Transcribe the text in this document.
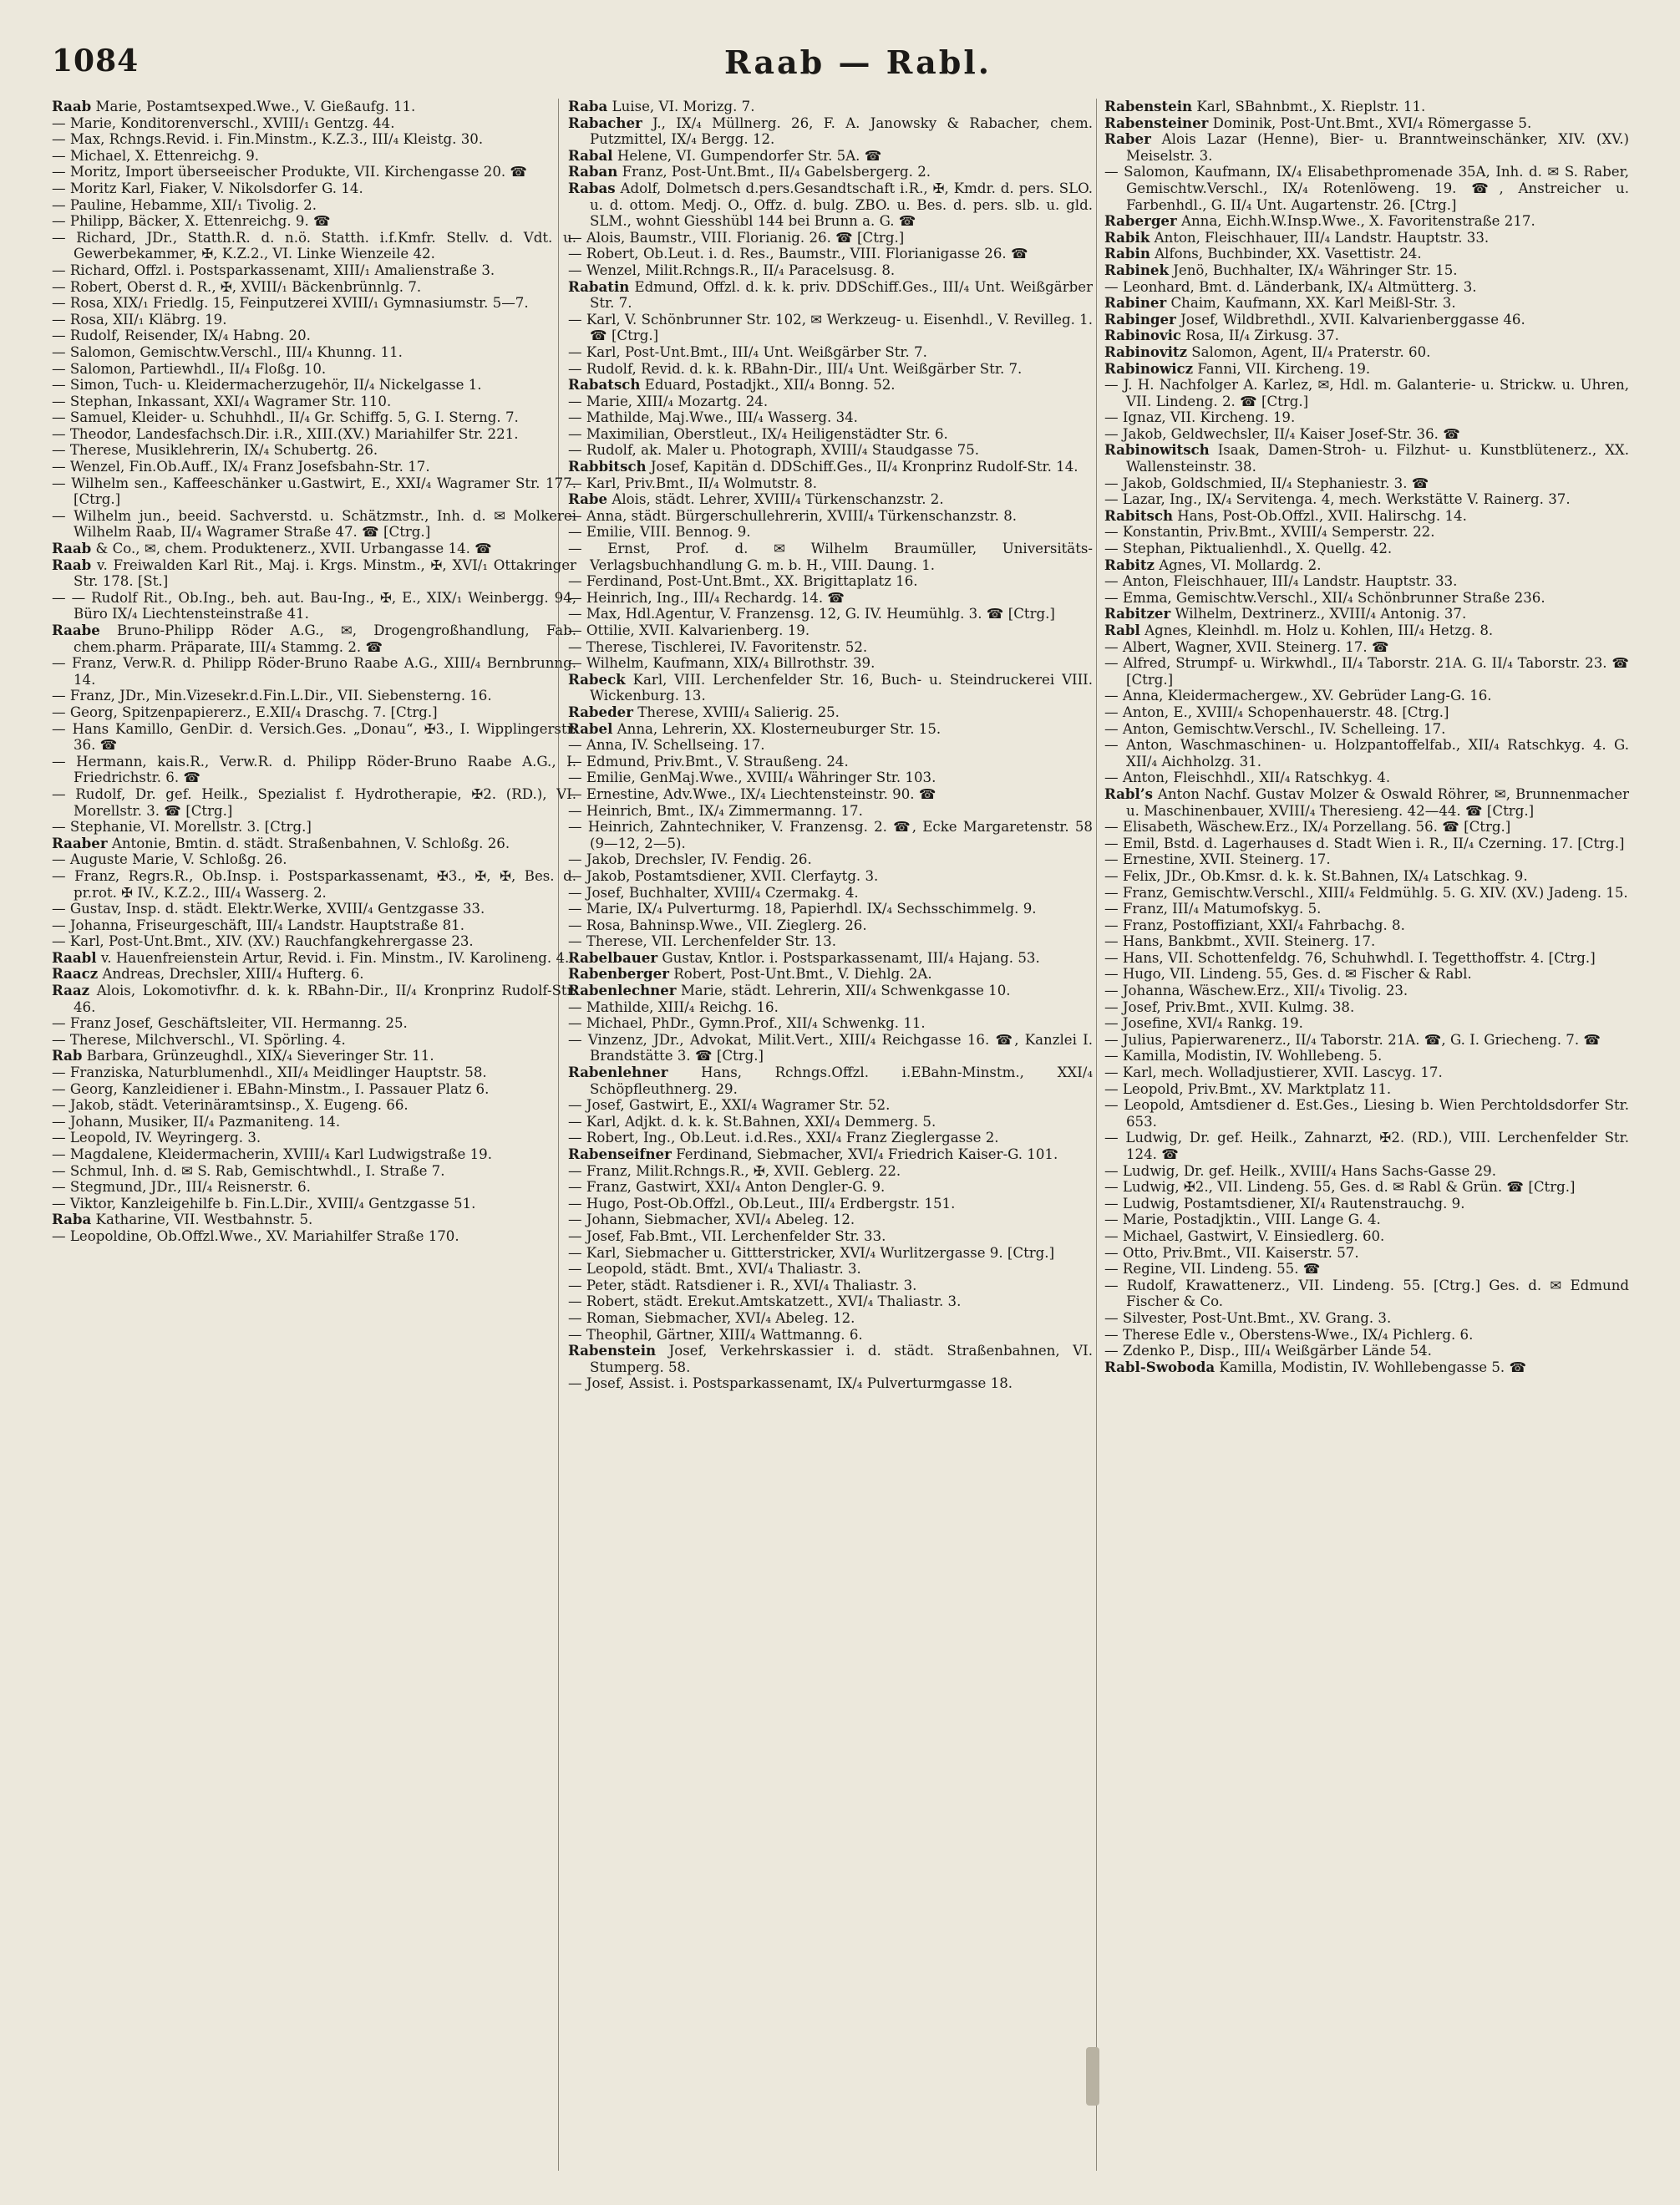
1084	Raab — Rabl.
Raab Marie, Postamtsexped.Wwe., V. Gießaufg. 11.
— Marie, Konditorenverschl., XVIII/₁ Gentzg. 44.
— Max, Rchngs.Revid. i. Fin.Minstm., K.Z.3., III/₄ Kleistg. 30.
— Michael, X. Ettenreichg. 9.
— Moritz, Import überseeischer Produkte, VII. Kirchengasse 20. ☎
— Moritz Karl, Fiaker, V. Nikolsdorfer G. 14.
— Pauline, Hebamme, XII/₁ Tivolig. 2.
— Philipp, Bäcker, X. Ettenreichg. 9. ☎
— Richard, JDr., Statth.R. d. n.ö. Statth. i.f.Kmfr. Stellv. d. Vdt. u. Gewerbekammer, ✠, K.Z.2., VI. Linke Wienzeile 42.
— Richard, Offzl. i. Postsparkassenamt, XIII/₁ Amalienstraße 3.
— Robert, Oberst d. R., ✠, XVIII/₁ Bäckenbrünnlg. 7.
— Rosa, XIX/₁ Friedlg. 15, Feinputzerei XVIII/₁ Gymnasiumstr. 5—7.
— Rosa, XII/₁ Kläbrg. 19.
— Rudolf, Reisender, IX/₄ Habng. 20.
— Salomon, Gemischtw.Verschl., III/₄ Khunng. 11.
— Salomon, Partiewhdl., II/₄ Floßg. 10.
— Simon, Tuch- u. Kleidermacherzugehör, II/₄ Nickelgasse 1.
— Stephan, Inkassant, XXI/₄ Wagramer Str. 110.
— Samuel, Kleider- u. Schuhhdl., II/₄ Gr. Schiffg. 5, G. I. Sterng. 7.
— Theodor, Landesfachsch.Dir. i.R., XIII.(XV.) Mariahilfer Str. 221.
— Therese, Musiklehrerin, IX/₄ Schubertg. 26.
— Wenzel, Fin.Ob.Auff., IX/₄ Franz Josefsbahn-Str. 17.
— Wilhelm sen., Kaffeeschänker u.Gastwirt, E., XXI/₄ Wagramer Str. 177. [Ctrg.]
— Wilhelm jun., beeid. Sachverstd. u. Schätzmstr., Inh. d. ✉ Molkerei Wilhelm Raab, II/₄ Wagramer Straße 47. ☎ [Ctrg.]
Raab & Co., ✉, chem. Produktenerz., XVII. Urbangasse 14. ☎
Raab v. Freiwalden Karl Rit., Maj. i. Krgs. Minstm., ✠, XVI/₁ Ottakringer Str. 178. [St.]
— — Rudolf Rit., Ob.Ing., beh. aut. Bau-Ing., ✠, E., XIX/₁ Weinbergg. 94, Büro IX/₄ Liechtensteinstraße 41.
Raabe Bruno-Philipp Röder A.G., ✉, Drogengroßhandlung, Fab. chem.pharm. Präparate, III/₄ Stammg. 2. ☎
— Franz, Verw.R. d. Philipp Röder-Bruno Raabe A.G., XIII/₄ Bernbrunng. 14.
— Franz, JDr., Min.Vizesekr.d.Fin.L.Dir., VII. Siebensterng. 16.
— Georg, Spitzenpapiererz., E.XII/₄ Draschg. 7. [Ctrg.]
— Hans Kamillo, GenDir. d. Versich.Ges. „Donau“, ✠3., I. Wipplingerstr. 36. ☎
— Hermann, kais.R., Verw.R. d. Philipp Röder-Bruno Raabe A.G., I. Friedrichstr. 6. ☎
— Rudolf, Dr. gef. Heilk., Spezialist f. Hydrotherapie, ✠2. (RD.), VI. Morellstr. 3. ☎ [Ctrg.]
— Stephanie, VI. Morellstr. 3. [Ctrg.]
Raaber Antonie, Bmtin. d. städt. Straßenbahnen, V. Schloßg. 26.
— Auguste Marie, V. Schloßg. 26.
— Franz, Regrs.R., Ob.Insp. i. Postsparkassenamt, ✠3., ✠, ✠, Bes. d. pr.rot. ✠ IV., K.Z.2., III/₄ Wasserg. 2.
— Gustav, Insp. d. städt. Elektr.Werke, XVIII/₄ Gentzgasse 33.
— Johanna, Friseurgeschäft, III/₄ Landstr. Hauptstraße 81.
— Karl, Post-Unt.Bmt., XIV. (XV.) Rauchfangkehrergasse 23.
Raabl v. Hauenfreienstein Artur, Revid. i. Fin. Minstm., IV. Karolineng. 4.
Raacz Andreas, Drechsler, XIII/₄ Hufterg. 6.
Raaz Alois, Lokomotivfhr. d. k. k. RBahn-Dir., II/₄ Kronprinz Rudolf-Str. 46.
— Franz Josef, Geschäftsleiter, VII. Hermanng. 25.
— Therese, Milchverschl., VI. Spörling. 4.
Rab Barbara, Grünzeughdl., XIX/₄ Sieveringer Str. 11.
— Franziska, Naturblumenhdl., XII/₄ Meidlinger Hauptstr. 58.
— Georg, Kanzleidiener i. EBahn-Minstm., I. Passauer Platz 6.
— Jakob, städt. Veterinäramtsinsp., X. Eugeng. 66.
— Johann, Musiker, II/₄ Pazmaniteng. 14.
— Leopold, IV. Weyringerg. 3.
— Magdalene, Kleidermacherin, XVIII/₄ Karl Ludwigstraße 19.
— Schmul, Inh. d. ✉ S. Rab, Gemischtwhdl., I. Straße 7.
— Stegmund, JDr., III/₄ Reisnerstr. 6.
— Viktor, Kanzleigehilfe b. Fin.L.Dir., XVIII/₄ Gentzgasse 51.
Raba Katharine, VII. Westbahnstr. 5.
— Leopoldine, Ob.Offzl.Wwe., XV. Mariahilfer Straße 170.
Raba Luise, VI. Morizg. 7.
Rabacher J., IX/₄ Müllnerg. 26, F. A. Janowsky & Rabacher, chem. Putzmittel, IX/₄ Bergg. 12.
Rabal Helene, VI. Gumpendorfer Str. 5A. ☎
Raban Franz, Post-Unt.Bmt., II/₄ Gabelsbergerg. 2.
Rabas Adolf, Dolmetsch d.pers.Gesandtschaft i.R., ✠, Kmdr. d. pers. SLO. u. d. ottom. Medj. O., Offz. d. bulg. ZBO. u. Bes. d. pers. slb. u. gld. SLM., wohnt Giesshübl 144 bei Brunn a. G. ☎
— Alois, Baumstr., VIII. Florianig. 26. ☎ [Ctrg.]
— Robert, Ob.Leut. i. d. Res., Baumstr., VIII. Florianigasse 26. ☎
— Wenzel, Milit.Rchngs.R., II/₄ Paracelsusg. 8.
Rabatin Edmund, Offzl. d. k. k. priv. DDSchiff.Ges., III/₄ Unt. Weißgärber Str. 7.
— Karl, V. Schönbrunner Str. 102, ✉ Werkzeug- u. Eisenhdl., V. Revilleg. 1. ☎ [Ctrg.]
— Karl, Post-Unt.Bmt., III/₄ Unt. Weißgärber Str. 7.
— Rudolf, Revid. d. k. k. RBahn-Dir., III/₄ Unt. Weißgärber Str. 7.
Rabatsch Eduard, Postadjkt., XII/₄ Bonng. 52.
— Marie, XIII/₄ Mozartg. 24.
— Mathilde, Maj.Wwe., III/₄ Wasserg. 34.
— Maximilian, Oberstleut., IX/₄ Heiligenstädter Str. 6.
— Rudolf, ak. Maler u. Photograph, XVIII/₄ Staudgasse 75.
Rabbitsch Josef, Kapitän d. DDSchiff.Ges., II/₄ Kronprinz Rudolf-Str. 14.
— Karl, Priv.Bmt., II/₄ Wolmutstr. 8.
Rabe Alois, städt. Lehrer, XVIII/₄ Türkenschanzstr. 2.
— Anna, städt. Bürgerschullehrerin, XVIII/₄ Türkenschanzstr. 8.
— Emilie, VIII. Bennog. 9.
— Ernst, Prof. d. ✉ Wilhelm Braumüller, Universitäts-Verlagsbuchhandlung G. m. b. H., VIII. Daung. 1.
— Ferdinand, Post-Unt.Bmt., XX. Brigittaplatz 16.
— Heinrich, Ing., III/₄ Rechardg. 14. ☎
— Max, Hdl.Agentur, V. Franzensg. 12, G. IV. Heumühlg. 3. ☎ [Ctrg.]
— Ottilie, XVII. Kalvarienberg. 19.
— Therese, Tischlerei, IV. Favoritenstr. 52.
— Wilhelm, Kaufmann, XIX/₄ Billrothstr. 39.
Rabeck Karl, VIII. Lerchenfelder Str. 16, Buch- u. Steindruckerei VIII. Wickenburg. 13.
Rabeder Therese, XVIII/₄ Salierig. 25.
Rabel Anna, Lehrerin, XX. Klosterneuburger Str. 15.
— Anna, IV. Schellseing. 17.
— Edmund, Priv.Bmt., V. Straußeng. 24.
— Emilie, GenMaj.Wwe., XVIII/₄ Währinger Str. 103.
— Ernestine, Adv.Wwe., IX/₄ Liechtensteinstr. 90. ☎
— Heinrich, Bmt., IX/₄ Zimmermanng. 17.
— Heinrich, Zahntechniker, V. Franzensg. 2. ☎, Ecke Margaretenstr. 58 (9—12, 2—5).
— Jakob, Drechsler, IV. Fendig. 26.
— Jakob, Postamtsdiener, XVII. Clerfaytg. 3.
— Josef, Buchhalter, XVIII/₄ Czermakg. 4.
— Marie, IX/₄ Pulverturmg. 18, Papierhdl. IX/₄ Sechsschimmelg. 9.
— Rosa, Bahninsp.Wwe., VII. Zieglerg. 26.
— Therese, VII. Lerchenfelder Str. 13.
Rabelbauer Gustav, Kntlor. i. Postsparkassenamt, III/₄ Hajang. 53.
Rabenberger Robert, Post-Unt.Bmt., V. Diehlg. 2A.
Rabenlechner Marie, städt. Lehrerin, XII/₄ Schwenkgasse 10.
— Mathilde, XIII/₄ Reichg. 16.
— Michael, PhDr., Gymn.Prof., XII/₄ Schwenkg. 11.
— Vinzenz, JDr., Advokat, Milit.Vert., XIII/₄ Reichgasse 16. ☎, Kanzlei I. Brandstätte 3. ☎ [Ctrg.]
Rabenlehner Hans, Rchngs.Offzl. i.EBahn-Minstm., XXI/₄ Schöpfleuthnerg. 29.
— Josef, Gastwirt, E., XXI/₄ Wagramer Str. 52.
— Karl, Adjkt. d. k. k. St.Bahnen, XXI/₄ Demmerg. 5.
— Robert, Ing., Ob.Leut. i.d.Res., XXI/₄ Franz Zieglergasse 2.
Rabenseifner Ferdinand, Siebmacher, XVI/₄ Friedrich Kaiser-G. 101.
— Franz, Milit.Rchngs.R., ✠, XVII. Geblerg. 22.
— Franz, Gastwirt, XXI/₄ Anton Dengler-G. 9.
— Hugo, Post-Ob.Offzl., Ob.Leut., III/₄ Erdbergstr. 151.
— Johann, Siebmacher, XVI/₄ Abeleg. 12.
— Josef, Fab.Bmt., VII. Lerchenfelder Str. 33.
— Karl, Siebmacher u. Gittterstricker, XVI/₄ Wurlitzergasse 9. [Ctrg.]
— Leopold, städt. Bmt., XVI/₄ Thaliastr. 3.
— Peter, städt. Ratsdiener i. R., XVI/₄ Thaliastr. 3.
— Robert, städt. Erekut.Amtskatzett., XVI/₄ Thaliastr. 3.
— Roman, Siebmacher, XVI/₄ Abeleg. 12.
— Theophil, Gärtner, XIII/₄ Wattmanng. 6.
Rabenstein Josef, Verkehrskassier i. d. städt. Straßenbahnen, VI. Stumperg. 58.
— Josef, Assist. i. Postsparkassenamt, IX/₄ Pulverturmgasse 18.
Rabenstein Karl, SBahnbmt., X. Rieplstr. 11.
Rabensteiner Dominik, Post-Unt.Bmt., XVI/₄ Römergasse 5.
Raber Alois Lazar (Henne), Bier- u. Branntweinschänker, XIV. (XV.) Meiselstr. 3.
— Salomon, Kaufmann, IX/₄ Elisabethpromenade 35A, Inh. d. ✉ S. Raber, Gemischtw.Verschl., IX/₄ Rotenlöweng. 19. ☎, Anstreicher u. Farbenhdl., G. II/₄ Unt. Augartenstr. 26. [Ctrg.]
Raberger Anna, Eichh.W.Insp.Wwe., X. Favoritenstraße 217.
Rabik Anton, Fleischhauer, III/₄ Landstr. Hauptstr. 33.
Rabin Alfons, Buchbinder, XX. Vasettistr. 24.
Rabinek Jenö, Buchhalter, IX/₄ Währinger Str. 15.
— Leonhard, Bmt. d. Länderbank, IX/₄ Altmütterg. 3.
Rabiner Chaim, Kaufmann, XX. Karl Meißl-Str. 3.
Rabinger Josef, Wildbrethdl., XVII. Kalvarienberggasse 46.
Rabinovic Rosa, II/₄ Zirkusg. 37.
Rabinovitz Salomon, Agent, II/₄ Praterstr. 60.
Rabinowicz Fanni, VII. Kircheng. 19.
— J. H. Nachfolger A. Karlez, ✉, Hdl. m. Galanterie- u. Strickw. u. Uhren, VII. Lindeng. 2. ☎ [Ctrg.]
— Ignaz, VII. Kircheng. 19.
— Jakob, Geldwechsler, II/₄ Kaiser Josef-Str. 36. ☎
Rabinowitsch Isaak, Damen-Stroh- u. Filzhut- u. Kunstblütenerz., XX. Wallensteinstr. 38.
— Jakob, Goldschmied, II/₄ Stephaniestr. 3. ☎
— Lazar, Ing., IX/₄ Servitenga. 4, mech. Werkstätte V. Rainerg. 37.
Rabitsch Hans, Post-Ob.Offzl., XVII. Halirschg. 14.
— Konstantin, Priv.Bmt., XVIII/₄ Semperstr. 22.
— Stephan, Piktualienhdl., X. Quellg. 42.
Rabitz Agnes, VI. Mollardg. 2.
— Anton, Fleischhauer, III/₄ Landstr. Hauptstr. 33.
— Emma, Gemischtw.Verschl., XII/₄ Schönbrunner Straße 236.
Rabitzer Wilhelm, Dextrinerz., XVIII/₄ Antonig. 37.
Rabl Agnes, Kleinhdl. m. Holz u. Kohlen, III/₄ Hetzg. 8.
— Albert, Wagner, XVII. Steinerg. 17. ☎
— Alfred, Strumpf- u. Wirkwhdl., II/₄ Taborstr. 21A. G. II/₄ Taborstr. 23. ☎ [Ctrg.]
— Anna, Kleidermachergew., XV. Gebrüder Lang-G. 16.
— Anton, E., XVIII/₄ Schopenhauerstr. 48. [Ctrg.]
— Anton, Gemischtw.Verschl., IV. Schelleing. 17.
— Anton, Waschmaschinen- u. Holzpantoffelfab., XII/₄ Ratschkyg. 4. G. XII/₄ Aichholzg. 31.
— Anton, Fleischhdl., XII/₄ Ratschkyg. 4.
Rabl’s Anton Nachf. Gustav Molzer & Oswald Röhrer, ✉, Brunnenmacher u. Maschinenbauer, XVIII/₄ Theresieng. 42—44. ☎ [Ctrg.]
— Elisabeth, Wäschew.Erz., IX/₄ Porzellang. 56. ☎ [Ctrg.]
— Emil, Bstd. d. Lagerhauses d. Stadt Wien i. R., II/₄ Czerning. 17. [Ctrg.]
— Ernestine, XVII. Steinerg. 17.
— Felix, JDr., Ob.Kmsr. d. k. k. St.Bahnen, IX/₄ Latschkag. 9.
— Franz, Gemischtw.Verschl., XIII/₄ Feldmühlg. 5. G. XIV. (XV.) Jadeng. 15.
— Franz, III/₄ Matumofskyg. 5.
— Franz, Postoffiziant, XXI/₄ Fahrbachg. 8.
— Hans, Bankbmt., XVII. Steinerg. 17.
— Hans, VII. Schottenfeldg. 76, Schuhwhdl. I. Tegetthoffstr. 4. [Ctrg.]
— Hugo, VII. Lindeng. 55, Ges. d. ✉ Fischer & Rabl.
— Johanna, Wäschew.Erz., XII/₄ Tivolig. 23.
— Josef, Priv.Bmt., XVII. Kulmg. 38.
— Josefine, XVI/₄ Rankg. 19.
— Julius, Papierwarenerz., II/₄ Taborstr. 21A. ☎, G. I. Griecheng. 7. ☎
— Kamilla, Modistin, IV. Wohllebeng. 5.
— Karl, mech. Wolladjustierer, XVII. Lascyg. 17.
— Leopold, Priv.Bmt., XV. Marktplatz 11.
— Leopold, Amtsdiener d. Est.Ges., Liesing b. Wien Perchtoldsdorfer Str. 653.
— Ludwig, Dr. gef. Heilk., Zahnarzt, ✠2. (RD.), VIII. Lerchenfelder Str. 124. ☎
— Ludwig, Dr. gef. Heilk., XVIII/₄ Hans Sachs-Gasse 29.
— Ludwig, ✠2., VII. Lindeng. 55, Ges. d. ✉ Rabl & Grün. ☎ [Ctrg.]
— Ludwig, Postamtsdiener, XI/₄ Rautenstrauchg. 9.
— Marie, Postadjktin., VIII. Lange G. 4.
— Michael, Gastwirt, V. Einsiedlerg. 60.
— Otto, Priv.Bmt., VII. Kaiserstr. 57.
— Regine, VII. Lindeng. 55. ☎
— Rudolf, Krawattenerz., VII. Lindeng. 55. [Ctrg.] Ges. d. ✉ Edmund Fischer & Co.
— Silvester, Post-Unt.Bmt., XV. Grang. 3.
— Therese Edle v., Oberstens-Wwe., IX/₄ Pichlerg. 6.
— Zdenko P., Disp., III/₄ Weißgärber Lände 54.
Rabl-Swoboda Kamilla, Modistin, IV. Wohllebengasse 5. ☎
